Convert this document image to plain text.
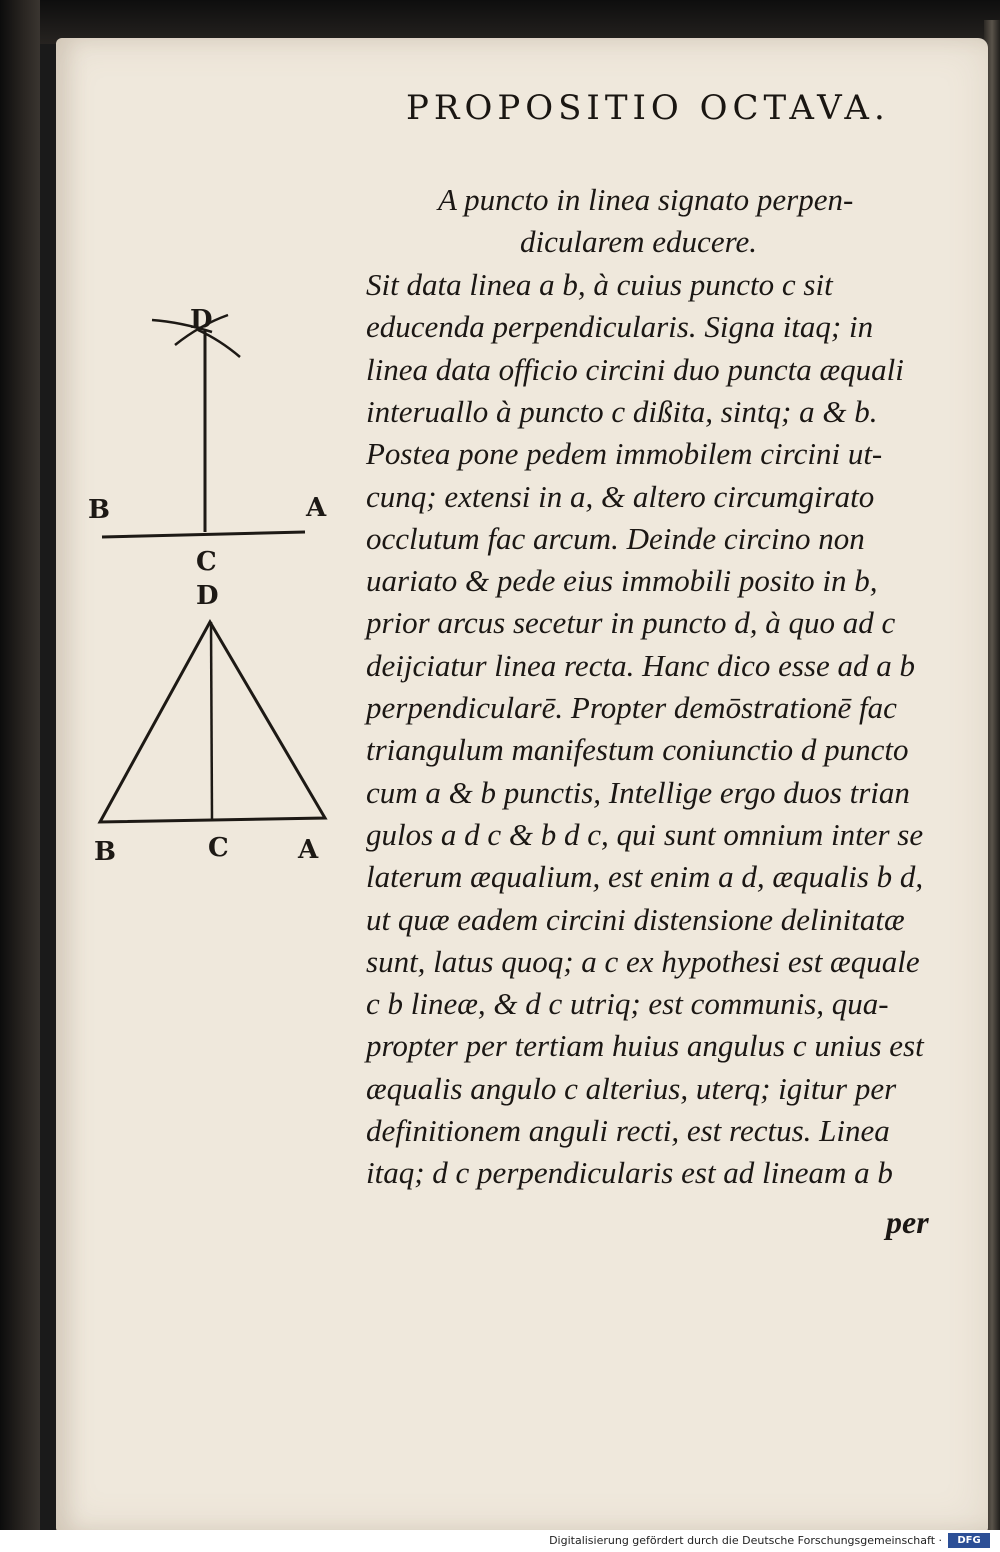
PROPOSITIO OCTAVA.
A puncto in linea signato perpen-
dicularem educere.
Sit data linea a b, à cuius puncto c sit
educenda perpendicularis. Signa itaq; in
linea data officio circini duo puncta æquali
interuallo à puncto c dißita, sintq; a & b.
Postea pone pedem immobilem circini ut-
cunq; extensi in a, & altero circumgirato
occlutum fac arcum. Deinde circino non
uariato & pede eius immobili posito in b,
prior arcus secetur in puncto d, à quo ad c
deijciatur linea recta. Hanc dico esse ad a b
perpendicularē. Propter demōstrationē fac
triangulum manifestum coniunctio d puncto
cum a & b punctis, Intellige ergo duos trian
gulos a d c & b d c, qui sunt omnium inter se
laterum æqualium, est enim a d, æqualis b d,
ut quæ eadem circini distensione delinitatæ
sunt, latus quoq; a c ex hypothesi est æquale
c b lineæ, & d c utriq; est communis, qua-
propter per tertiam huius angulus c unius est
æqualis angulo c alterius, uterq; igitur per
definitionem anguli recti, est rectus. Linea
itaq; d c perpendicularis est ad lineam a b
per
D
B	A
C
D
B	C	A
Digitalisierung gefördert durch die Deutsche Forschungsgemeinschaft ·	DFG
